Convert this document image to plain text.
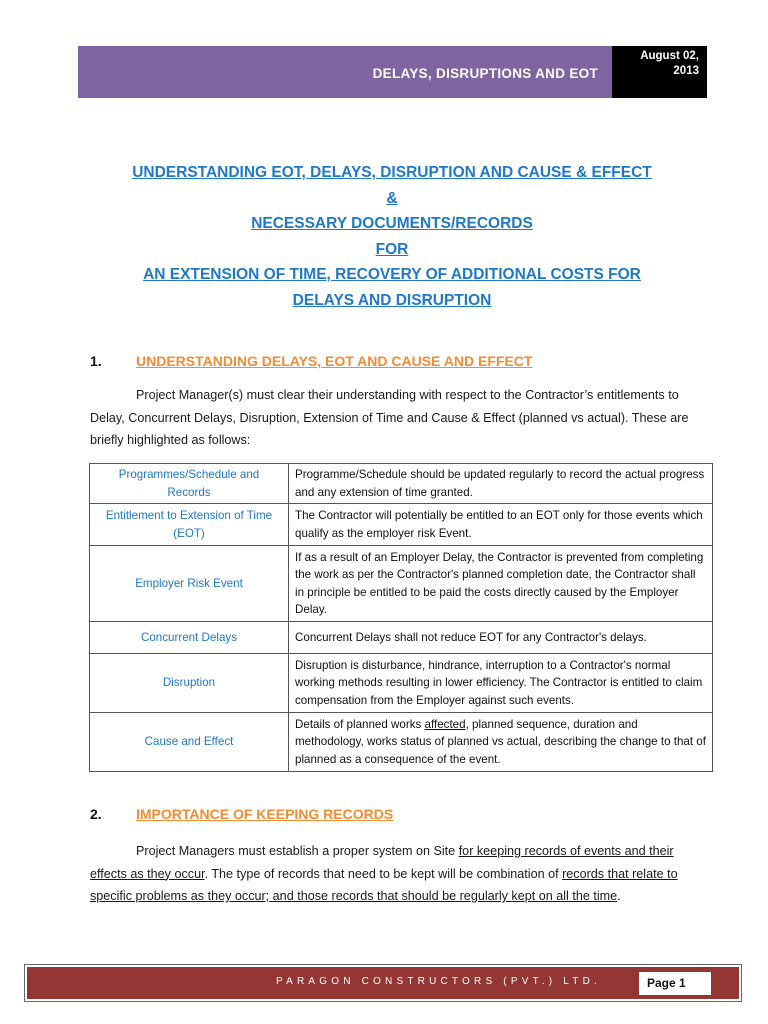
DELAYS, DISRUPTIONS AND EOT
August 02,
2013
UNDERSTANDING EOT, DELAYS, DISRUPTION AND CAUSE & EFFECT
&
NECESSARY DOCUMENTS/RECORDS
FOR
AN EXTENSION OF TIME, RECOVERY OF ADDITIONAL COSTS FOR
DELAYS AND DISRUPTION
1. UNDERSTANDING DELAYS, EOT AND CAUSE AND EFFECT
Project Manager(s) must clear their understanding with respect to the Contractor’s entitlements to Delay, Concurrent Delays, Disruption, Extension of Time and Cause & Effect (planned vs actual). These are briefly highlighted as follows:
Programmes/Schedule and Records	Programme/Schedule should be updated regularly to record the actual progress and any extension of time granted.
Entitlement to Extension of Time (EOT)	The Contractor will potentially be entitled to an EOT only for those events which qualify as the employer risk Event.
Employer Risk Event	If as a result of an Employer Delay, the Contractor is prevented from completing the work as per the Contractor's planned completion date, the Contractor shall in principle be entitled to be paid the costs directly caused by the Employer Delay.
Concurrent Delays	Concurrent Delays shall not reduce EOT for any Contractor's delays.
Disruption	Disruption is disturbance, hindrance, interruption to a Contractor's normal working methods resulting in lower efficiency. The Contractor is entitled to claim compensation from the Employer against such events.
Cause and Effect	Details of planned works affected, planned sequence, duration and methodology, works status of planned vs actual, describing the change to that of planned as a consequence of the event.
2. IMPORTANCE OF KEEPING RECORDS
Project Managers must establish a proper system on Site for keeping records of events and their effects as they occur. The type of records that need to be kept will be combination of records that relate to specific problems as they occur; and those records that should be regularly kept on all the time.
PARAGON CONSTRUCTORS (PVT.) LTD.	Page 1
